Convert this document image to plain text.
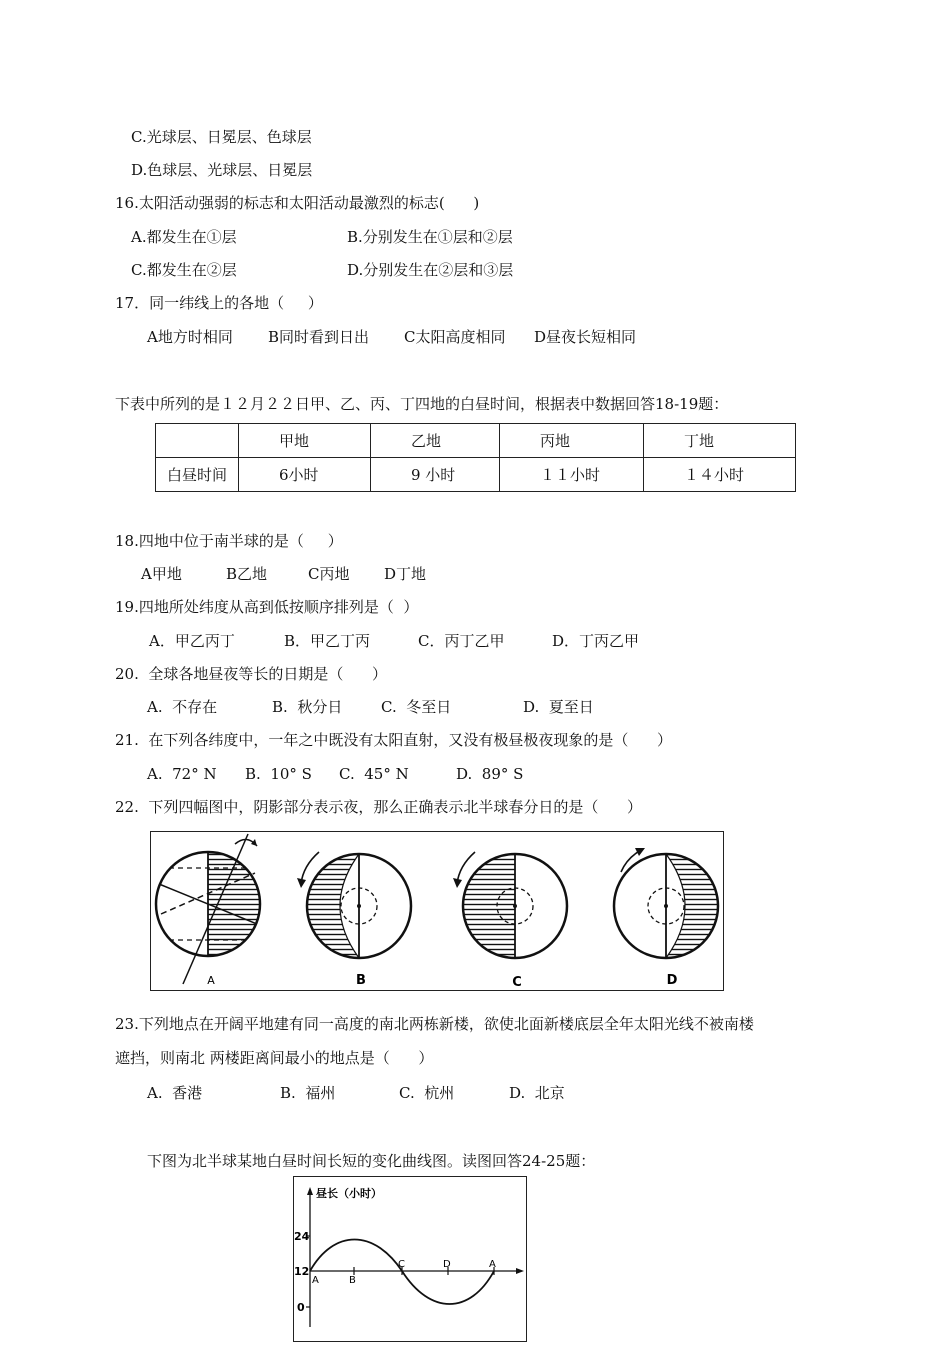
C.光球层、日冕层、色球层
D.色球层、光球层、日冕层
16.太阳活动强弱的标志和太阳活动最激烈的标志(      )
A.都发生在①层	B.分别发生在①层和②层
C.都发生在②层	D.分别发生在②层和③层
17．同一纬线上的各地（     ）
A地方时相同 B同时看到日出 C太阳高度相同 D昼夜长短相同
下表中所列的是１２月２２日甲、乙、丙、丁四地的白昼时间，根据表中数据回答18-19题：
	甲地	乙地	丙地	丁地
白昼时间	6小时	9 小时	１１小时	１４小时
18.四地中位于南半球的是（     ）
A甲地	B乙地	C丙地 D丁地
19.四地所处纬度从高到低按顺序排列是（  ）
A．甲乙丙丁	B．甲乙丁丙	C．丙丁乙甲	D．丁丙乙甲
20.  全球各地昼夜等长的日期是（      ）
A.  不存在	B.  秋分日	C.  冬至日	D.  夏至日
21.  在下列各纬度中，一年之中既没有太阳直射，又没有极昼极夜现象的是（      ）
A.  72° N B.  10° S C.  45° N	D.  89° S
22.  下列四幅图中，阴影部分表示夜，那么正确表示北半球春分日的是（      ）
A	B	C	D
23.下列地点在开阔平地建有同一高度的南北两栋新楼，欲使北面新楼底层全年太阳光线不被南楼
遮挡，则南北 两楼距离间最小的地点是（      ）
A.  香港	B.  福州	C.  杭州	D.  北京
下图为北半球某地白昼时间长短的变化曲线图。读图回答24-25题：
昼长（小时）
24
12
0
A	B
C	D	A
